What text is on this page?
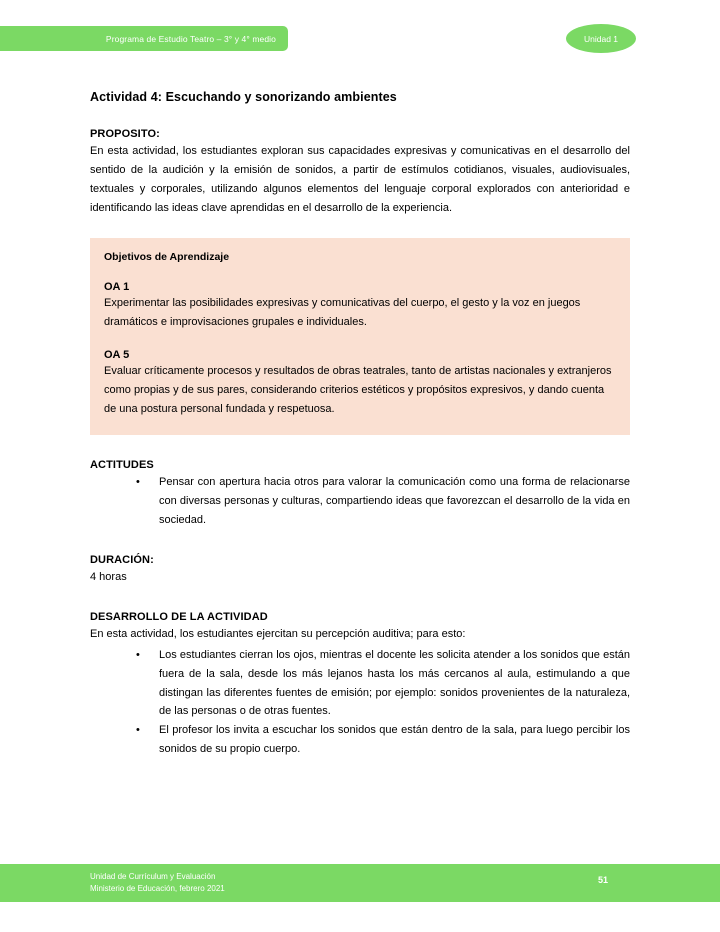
Programa de Estudio Teatro – 3° y 4° medio	Unidad 1
Actividad 4: Escuchando y sonorizando ambientes
PROPOSITO:

En esta actividad, los estudiantes exploran sus capacidades expresivas y comunicativas en el desarrollo del sentido de la audición y la emisión de sonidos, a partir de estímulos cotidianos, visuales, audiovisuales, textuales y corporales, utilizando algunos elementos del lenguaje corporal explorados con anterioridad e identificando las ideas clave aprendidas en el desarrollo de la experiencia.

Objetivos de Aprendizaje
OA 1

Experimentar las posibilidades expresivas y comunicativas del cuerpo, el gesto y la voz en juegos dramáticos e improvisaciones grupales e individuales.

OA 5

Evaluar críticamente procesos y resultados de obras teatrales, tanto de artistas nacionales y extranjeros como propias y de sus pares, considerando criterios estéticos y propósitos expresivos, y dando cuenta de una postura personal fundada y respetuosa.

ACTITUDES
• Pensar con apertura hacia otros para valorar la comunicación como una forma de relacionarse con diversas personas y culturas, compartiendo ideas que favorezcan el desarrollo de la vida en sociedad.
DURACIÓN:

4 horas

DESARROLLO DE LA ACTIVIDAD

En esta actividad, los estudiantes ejercitan su percepción auditiva; para esto:

• Los estudiantes cierran los ojos, mientras el docente les solicita atender a los sonidos que están fuera de la sala, desde los más lejanos hasta los más cercanos al aula, estimulando a que distingan las diferentes fuentes de emisión; por ejemplo: sonidos provenientes de la naturaleza, de las personas o de otras fuentes.
• El profesor los invita a escuchar los sonidos que están dentro de la sala, para luego percibir los sonidos de su propio cuerpo.
Unidad de Currículum y Evaluación
Ministerio de Educación, febrero 2021
51
